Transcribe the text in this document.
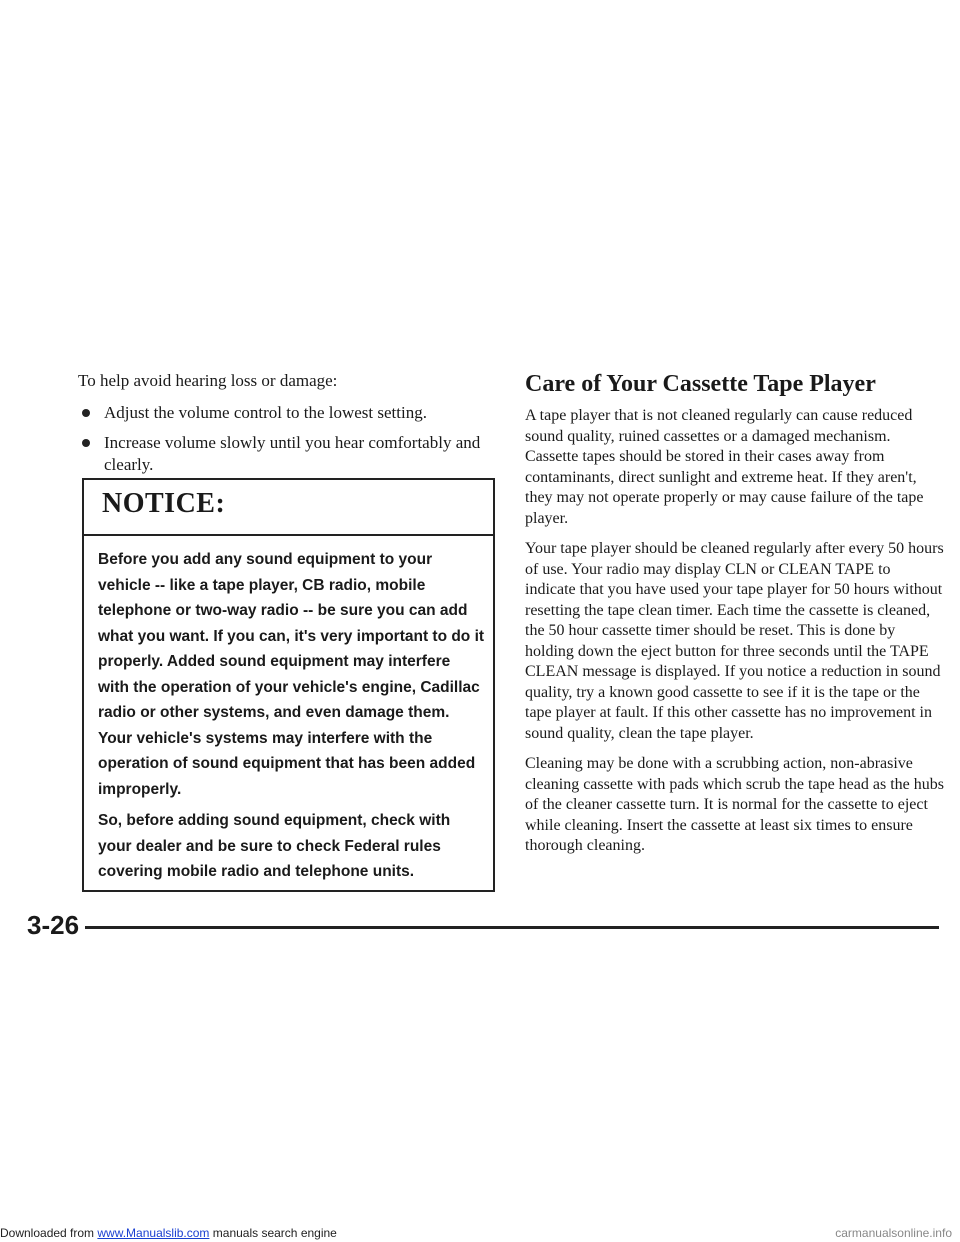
To help avoid hearing loss or damage:

Adjust the volume control to the lowest setting.
Increase volume slowly until you hear comfortably and clearly.
NOTICE:

Before you add any sound equipment to your vehicle -- like a tape player, CB radio, mobile telephone or two-way radio -- be sure you can add what you want. If you can, it's very important to do it properly. Added sound equipment may interfere with the operation of your vehicle's engine, Cadillac radio or other systems, and even damage them. Your vehicle's systems may interfere with the operation of sound equipment that has been added improperly.

So, before adding sound equipment, check with your dealer and be sure to check Federal rules covering mobile radio and telephone units.

Care of Your Cassette Tape Player

A tape player that is not cleaned regularly can cause reduced sound quality, ruined cassettes or a damaged mechanism. Cassette tapes should be stored in their cases away from contaminants, direct sunlight and extreme heat. If they aren't, they may not operate properly or may cause failure of the tape player.

Your tape player should be cleaned regularly after every 50 hours of use. Your radio may display CLN or CLEAN TAPE to indicate that you have used your tape player for 50 hours without resetting the tape clean timer. Each time the cassette is cleaned, the 50 hour cassette timer should be reset. This is done by holding down the eject button for three seconds until the TAPE CLEAN message is displayed. If you notice a reduction in sound quality, try a known good cassette to see if it is the tape or the tape player at fault. If this other cassette has no improvement in sound quality, clean the tape player.

Cleaning may be done with a scrubbing action, non-abrasive cleaning cassette with pads which scrub the tape head as the hubs of the cleaner cassette turn. It is normal for the cassette to eject while cleaning. Insert the cassette at least six times to ensure thorough cleaning.

3-26
Downloaded from www.Manualslib.com manuals search engine	carmanualsonline.info
